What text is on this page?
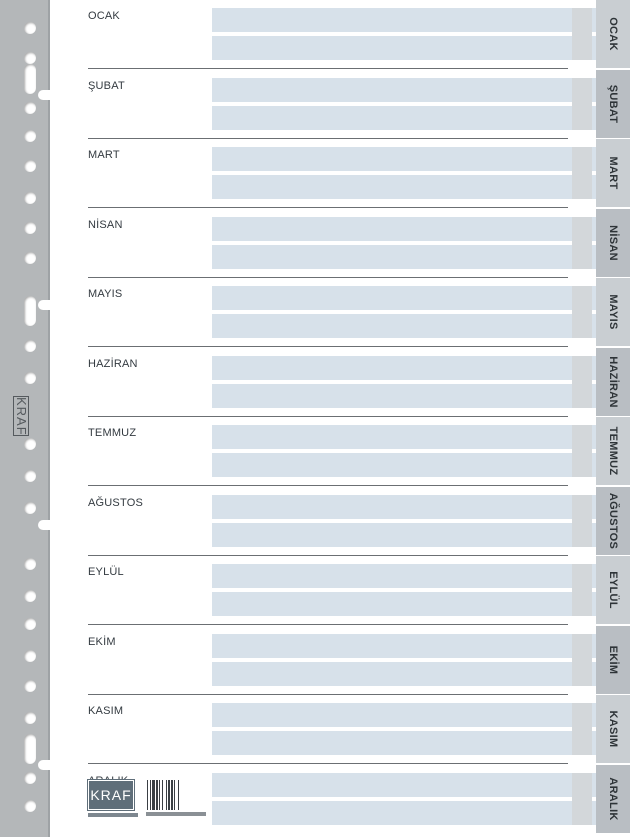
KRAF
OCAK
ŞUBAT
MART
NİSAN
MAYIS
HAZİRAN
TEMMUZ
AĞUSTOS
EYLÜL
EKİM
KASIM
OCAK
ŞUBAT
MART
NİSAN
MAYIS
HAZİRAN
TEMMUZ
AĞUSTOS
EYLÜL
EKİM
KASIM
ARALIK
KRAF
